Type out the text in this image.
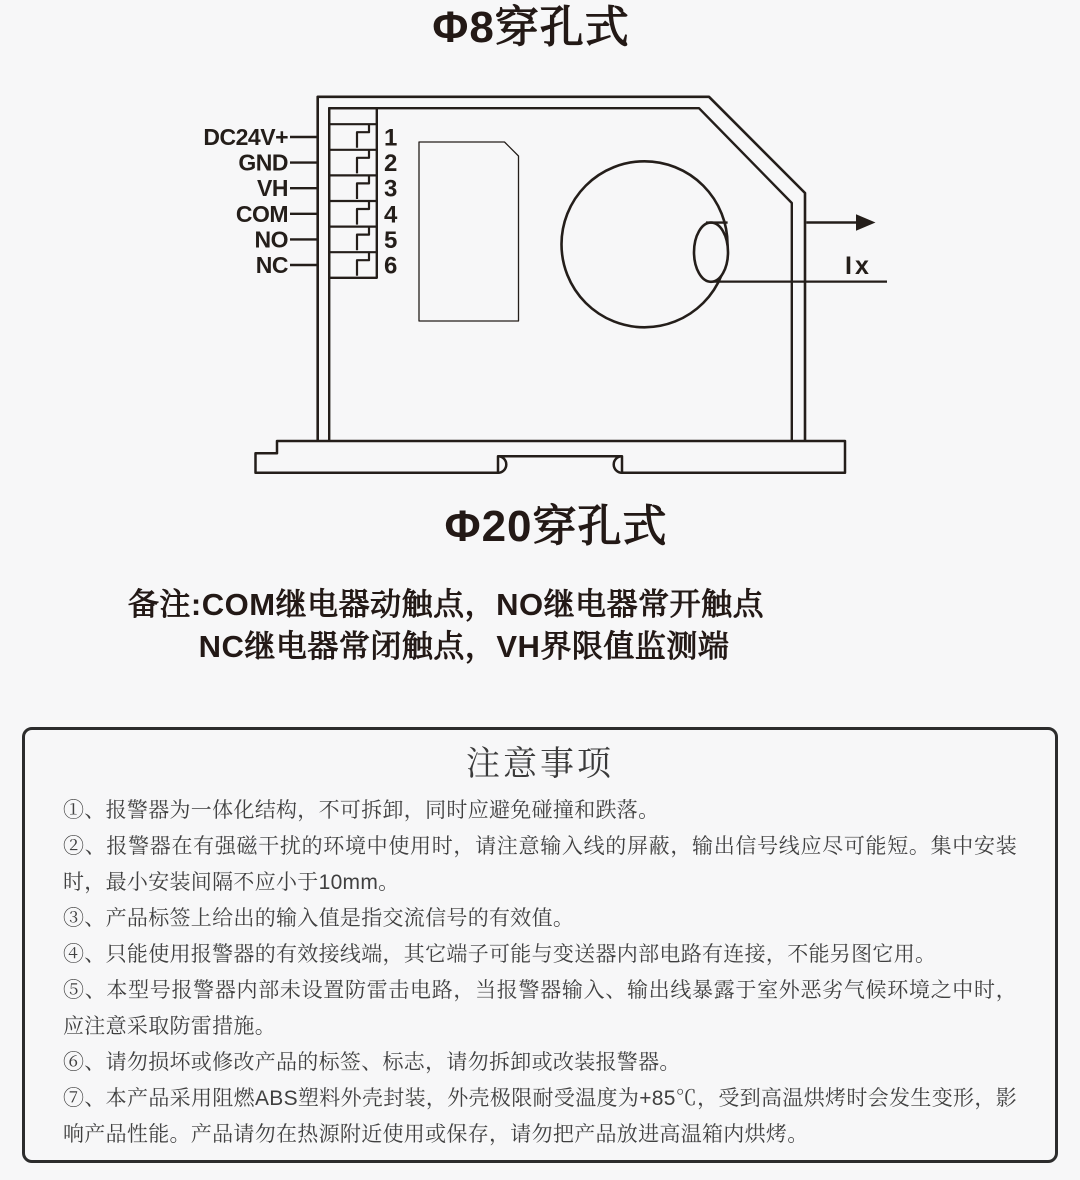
Φ8穿孔式
DC24V+
GND
VH
COM
NO
NC
1
2
3
4
5
6	Ix
Φ20穿孔式
备注:COM继电器动触点，NO继电器常开触点
NC继电器常闭触点，VH界限值监测端
注意事项

①、报警器为一体化结构，不可拆卸，同时应避免碰撞和跌落。

②、报警器在有强磁干扰的环境中使用时，请注意输入线的屏蔽，输出信号线应尽可能短。集中安装时，最小安装间隔不应小于10mm。

③、产品标签上给出的输入值是指交流信号的有效值。

④、只能使用报警器的有效接线端，其它端子可能与变送器内部电路有连接，不能另图它用。

⑤、本型号报警器内部未设置防雷击电路，当报警器输入、输出线暴露于室外恶劣气候环境之中时，应注意采取防雷措施。

⑥、请勿损坏或修改产品的标签、标志，请勿拆卸或改装报警器。

⑦、本产品采用阻燃ABS塑料外壳封装，外壳极限耐受温度为+85℃，受到高温烘烤时会发生变形，影响产品性能。产品请勿在热源附近使用或保存，请勿把产品放进高温箱内烘烤。
